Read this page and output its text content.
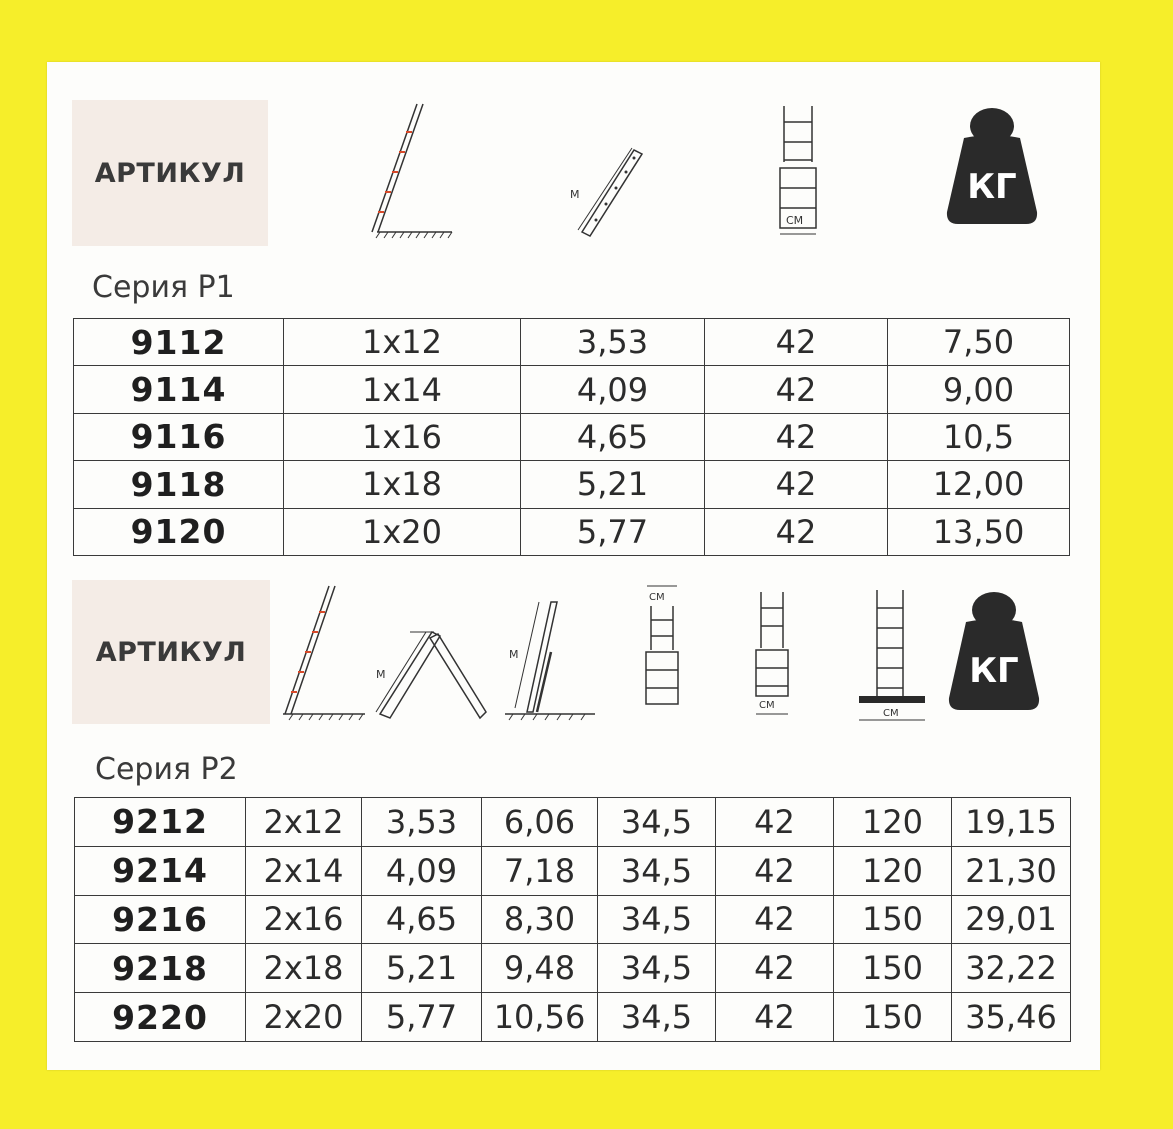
АРТИКУЛ
М
СМ
КГ
Серия Р1
9112	1x12	3,53	42	7,50
9114	1x14	4,09	42	9,00
9116	1x16	4,65	42	10,5
9118	1x18	5,21	42	12,00
9120	1x20	5,77	42	13,50
АРТИКУЛ
М
М
СМ
СМ
СМ
КГ
Серия Р2
9212	2x12	3,53	6,06	34,5	42	120	19,15
9214	2x14	4,09	7,18	34,5	42	120	21,30
9216	2x16	4,65	8,30	34,5	42	150	29,01
9218	2x18	5,21	9,48	34,5	42	150	32,22
9220	2x20	5,77	10,56	34,5	42	150	35,46
